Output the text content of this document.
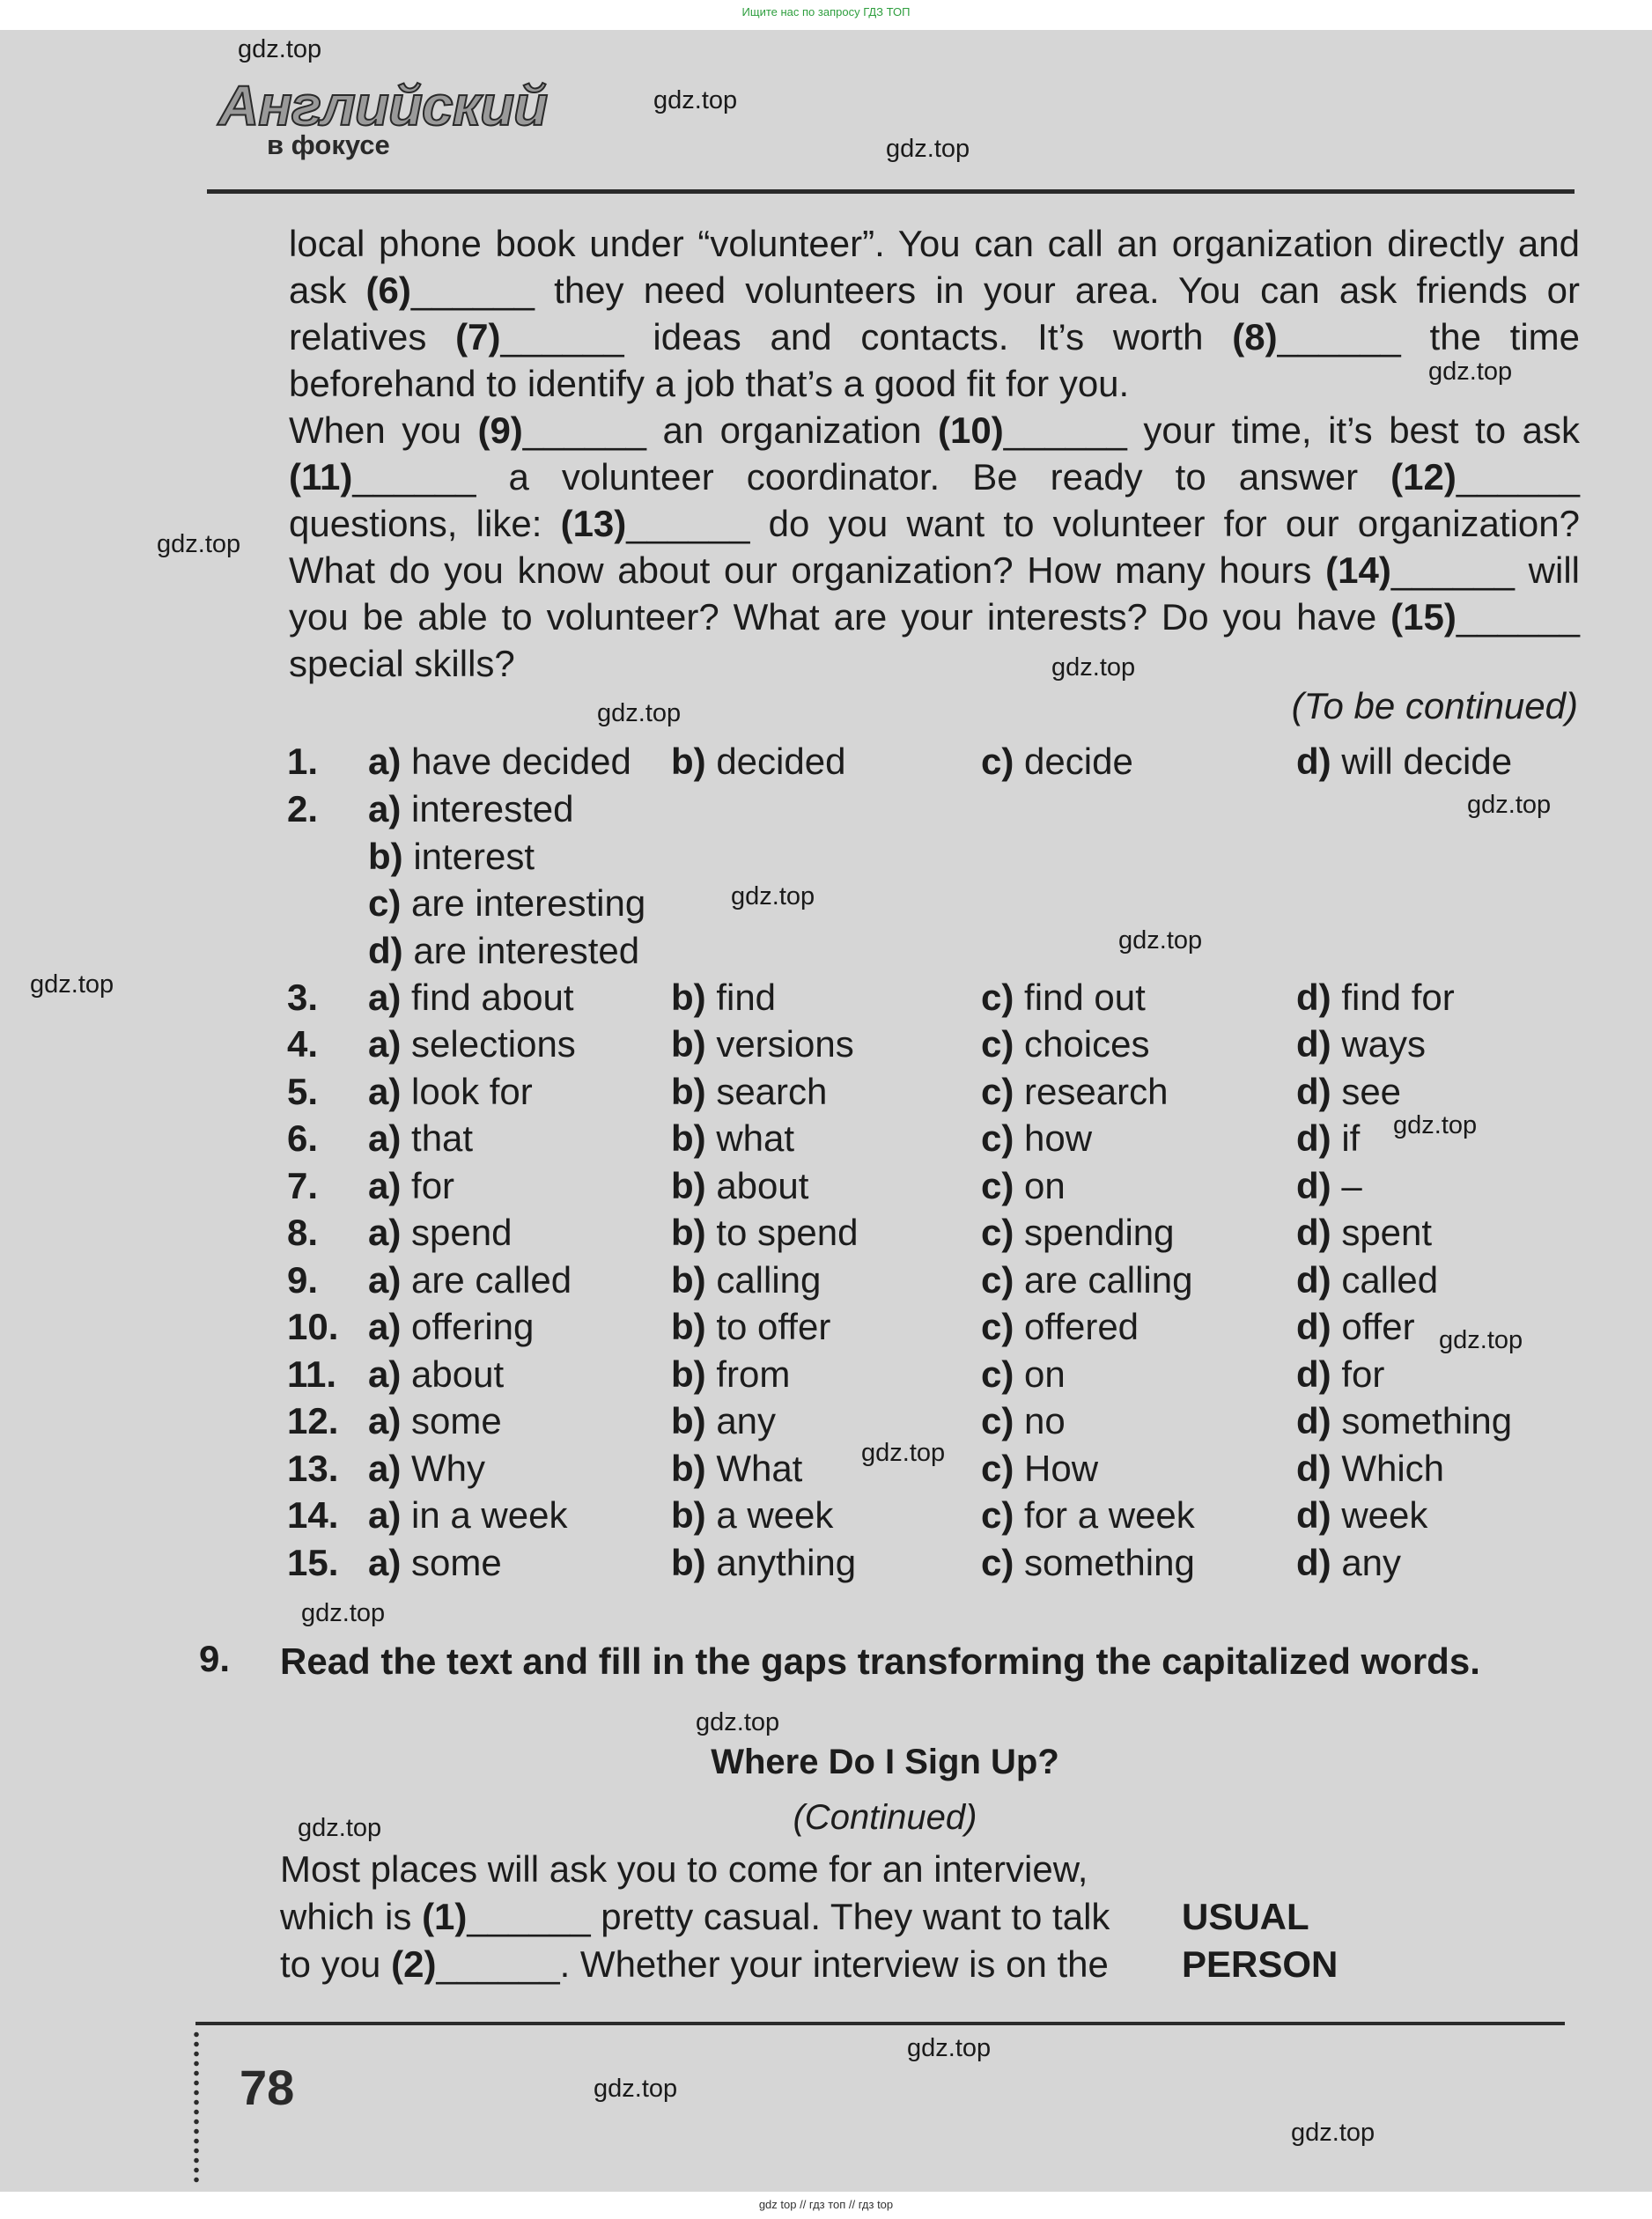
Ищите нас по запросу ГДЗ ТОП
Английский
в фокусе

local phone book under “volunteer”. You can call an organization directly and ask (6)______ they need volunteers in your area. You can ask friends or relatives (7)______ ideas and contacts. It’s worth (8)______ the time beforehand to identify a job that’s a good fit for you.

When you (9)______ an organization (10)______ your time, it’s best to ask (11)______ a volunteer coordinator. Be ready to answer (12)______ questions, like: (13)______ do you want to volunteer for our organization? What do you know about our organization? How many hours (14)______ will you be able to volunteer? What are your interests? Do you have (15)______ special skills?

(To be continued)
1. a) have decided b) decided	c) decide	d) will decide
2. a) interested
b) interest
c) are interesting
d) are interested
3. a) find about	b) find	c) find out	d) find for
4. a) selections	b) versions	c) choices	d) ways
5. a) look for	b) search	c) research	d) see
6. a) that	b) what	c) how	d) if
7. a) for	b) about	c) on	d) –
8. a) spend	b) to spend	c) spending	d) spent
9. a) are called	b) calling	c) are calling	d) called
10. a) offering	b) to offer	c) offered	d) offer
11. a) about	b) from	c) on	d) for
12. a) some	b) any	c) no	d) something
13. a) Why	b) What	c) How	d) Which
14. a) in a week	b) a week	c) for a week	d) week
15. a) some	b) anything	c) something	d) any
9. Read the text and fill in the gaps transforming the capitalized words.
Where Do I Sign Up?
(Continued)
Most places will ask you to come for an interview,
which is (1)______ pretty casual. They want to talk
to you (2)______. Whether your interview is on the
USUAL
PERSON
78
gdz top // гдз топ // гдз top
gdz.top
gdz.top
gdz.top
gdz.top
gdz.top
gdz.top
gdz.top
gdz.top
gdz.top
gdz.top
gdz.top
gdz.top
gdz.top
gdz.top
gdz.top
gdz.top
gdz.top
gdz.top
gdz.top
gdz.top
